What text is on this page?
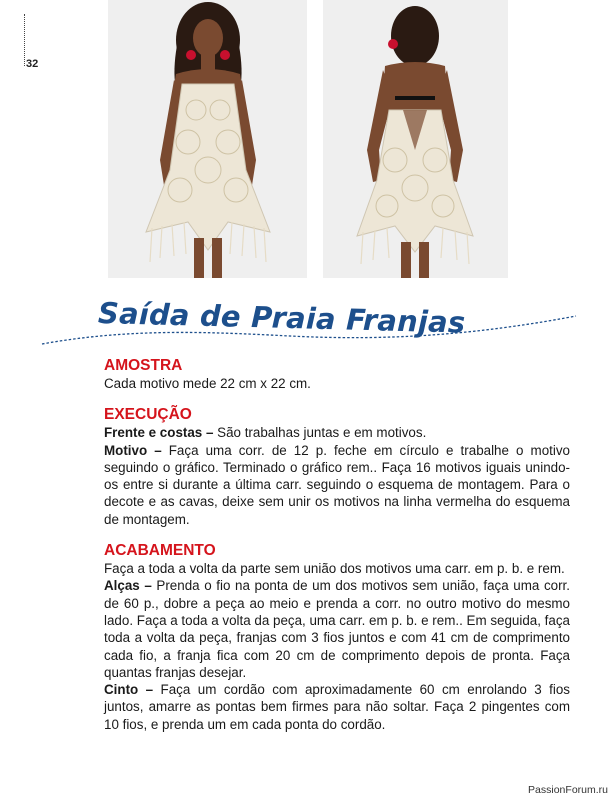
32
Saída de Praia Franjas
AMOSTRA

Cada motivo mede 22 cm x 22 cm.

EXECUÇÃO

Frente e costas – São trabalhas juntas e em motivos.

Motivo – Faça uma corr. de 12 p. feche em círculo e trabalhe o motivo seguindo o gráfico. Terminado o gráfico rem.. Faça 16 motivos iguais unindo-os entre si durante a última carr. seguindo o esquema de montagem. Para o decote e as cavas, deixe sem unir os motivos na linha vermelha do esquema de montagem.

ACABAMENTO

Faça a toda a volta da parte sem união dos motivos uma carr. em p. b. e rem.

Alças – Prenda o fio na ponta de um dos motivos sem união, faça uma corr. de 60 p., dobre a peça ao meio e prenda a corr. no outro motivo do mesmo lado. Faça a toda a volta da peça, uma carr. em p. b. e rem.. Em seguida, faça toda a volta da peça, franjas com 3 fios juntos e com 41 cm de comprimento cada fio, a franja fica com 20 cm de comprimento depois de pronta. Faça quantas franjas desejar.

Cinto – Faça um cordão com aproximadamente 60 cm enrolando 3 fios juntos, amarre as pontas bem firmes para não soltar. Faça 2 pingentes com 10 fios, e prenda um em cada ponta do cordão.

PassionForum.ru
